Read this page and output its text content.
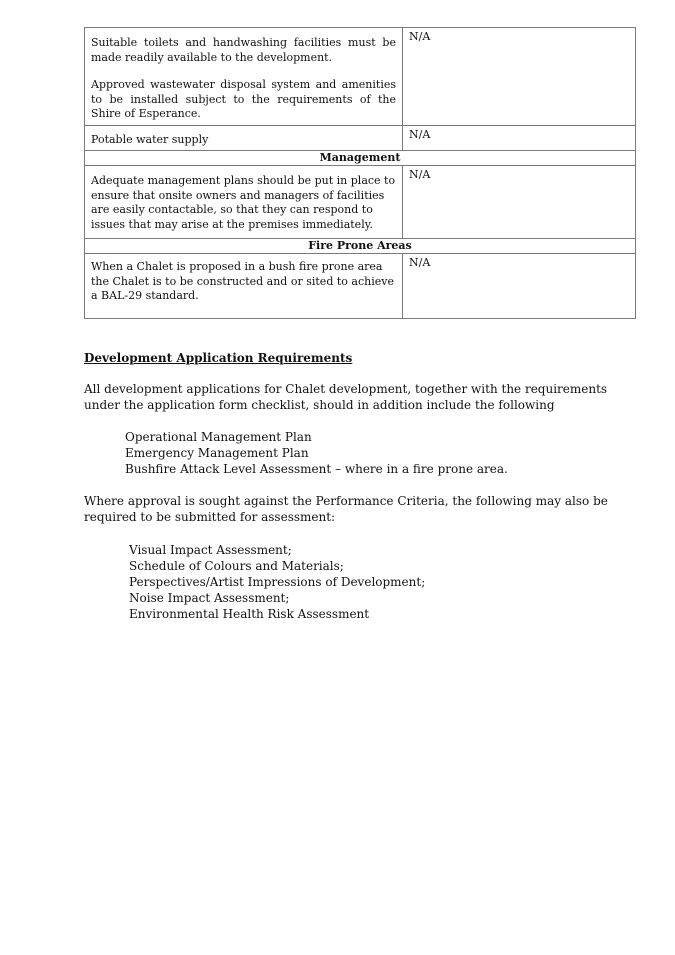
Suitable toilets and handwashing facilities must be made readily available to the development.

Approved wastewater disposal system and amenities to be installed subject to the requirements of the Shire of Esperance.	N/A

Potable water supply	N/A
Management	

Adequate management plans should be put in place to ensure that onsite owners and managers of facilities are easily contactable, so that they can respond to issues that may arise at the premises immediately.	N/A
Fire Prone Areas	

When a Chalet is proposed in a bush fire prone area the Chalet is to be constructed and or sited to achieve a BAL-29 standard.	N/A
Development Application Requirements
All development applications for Chalet development, together with the requirements under the application form checklist, should in addition include the following
Operational Management Plan
Emergency Management Plan
Bushfire Attack Level Assessment – where in a fire prone area.
Where approval is sought against the Performance Criteria, the following may also be required to be submitted for assessment:
Visual Impact Assessment;
Schedule of Colours and Materials;
Perspectives/Artist Impressions of Development;
Noise Impact Assessment;
Environmental Health Risk Assessment
